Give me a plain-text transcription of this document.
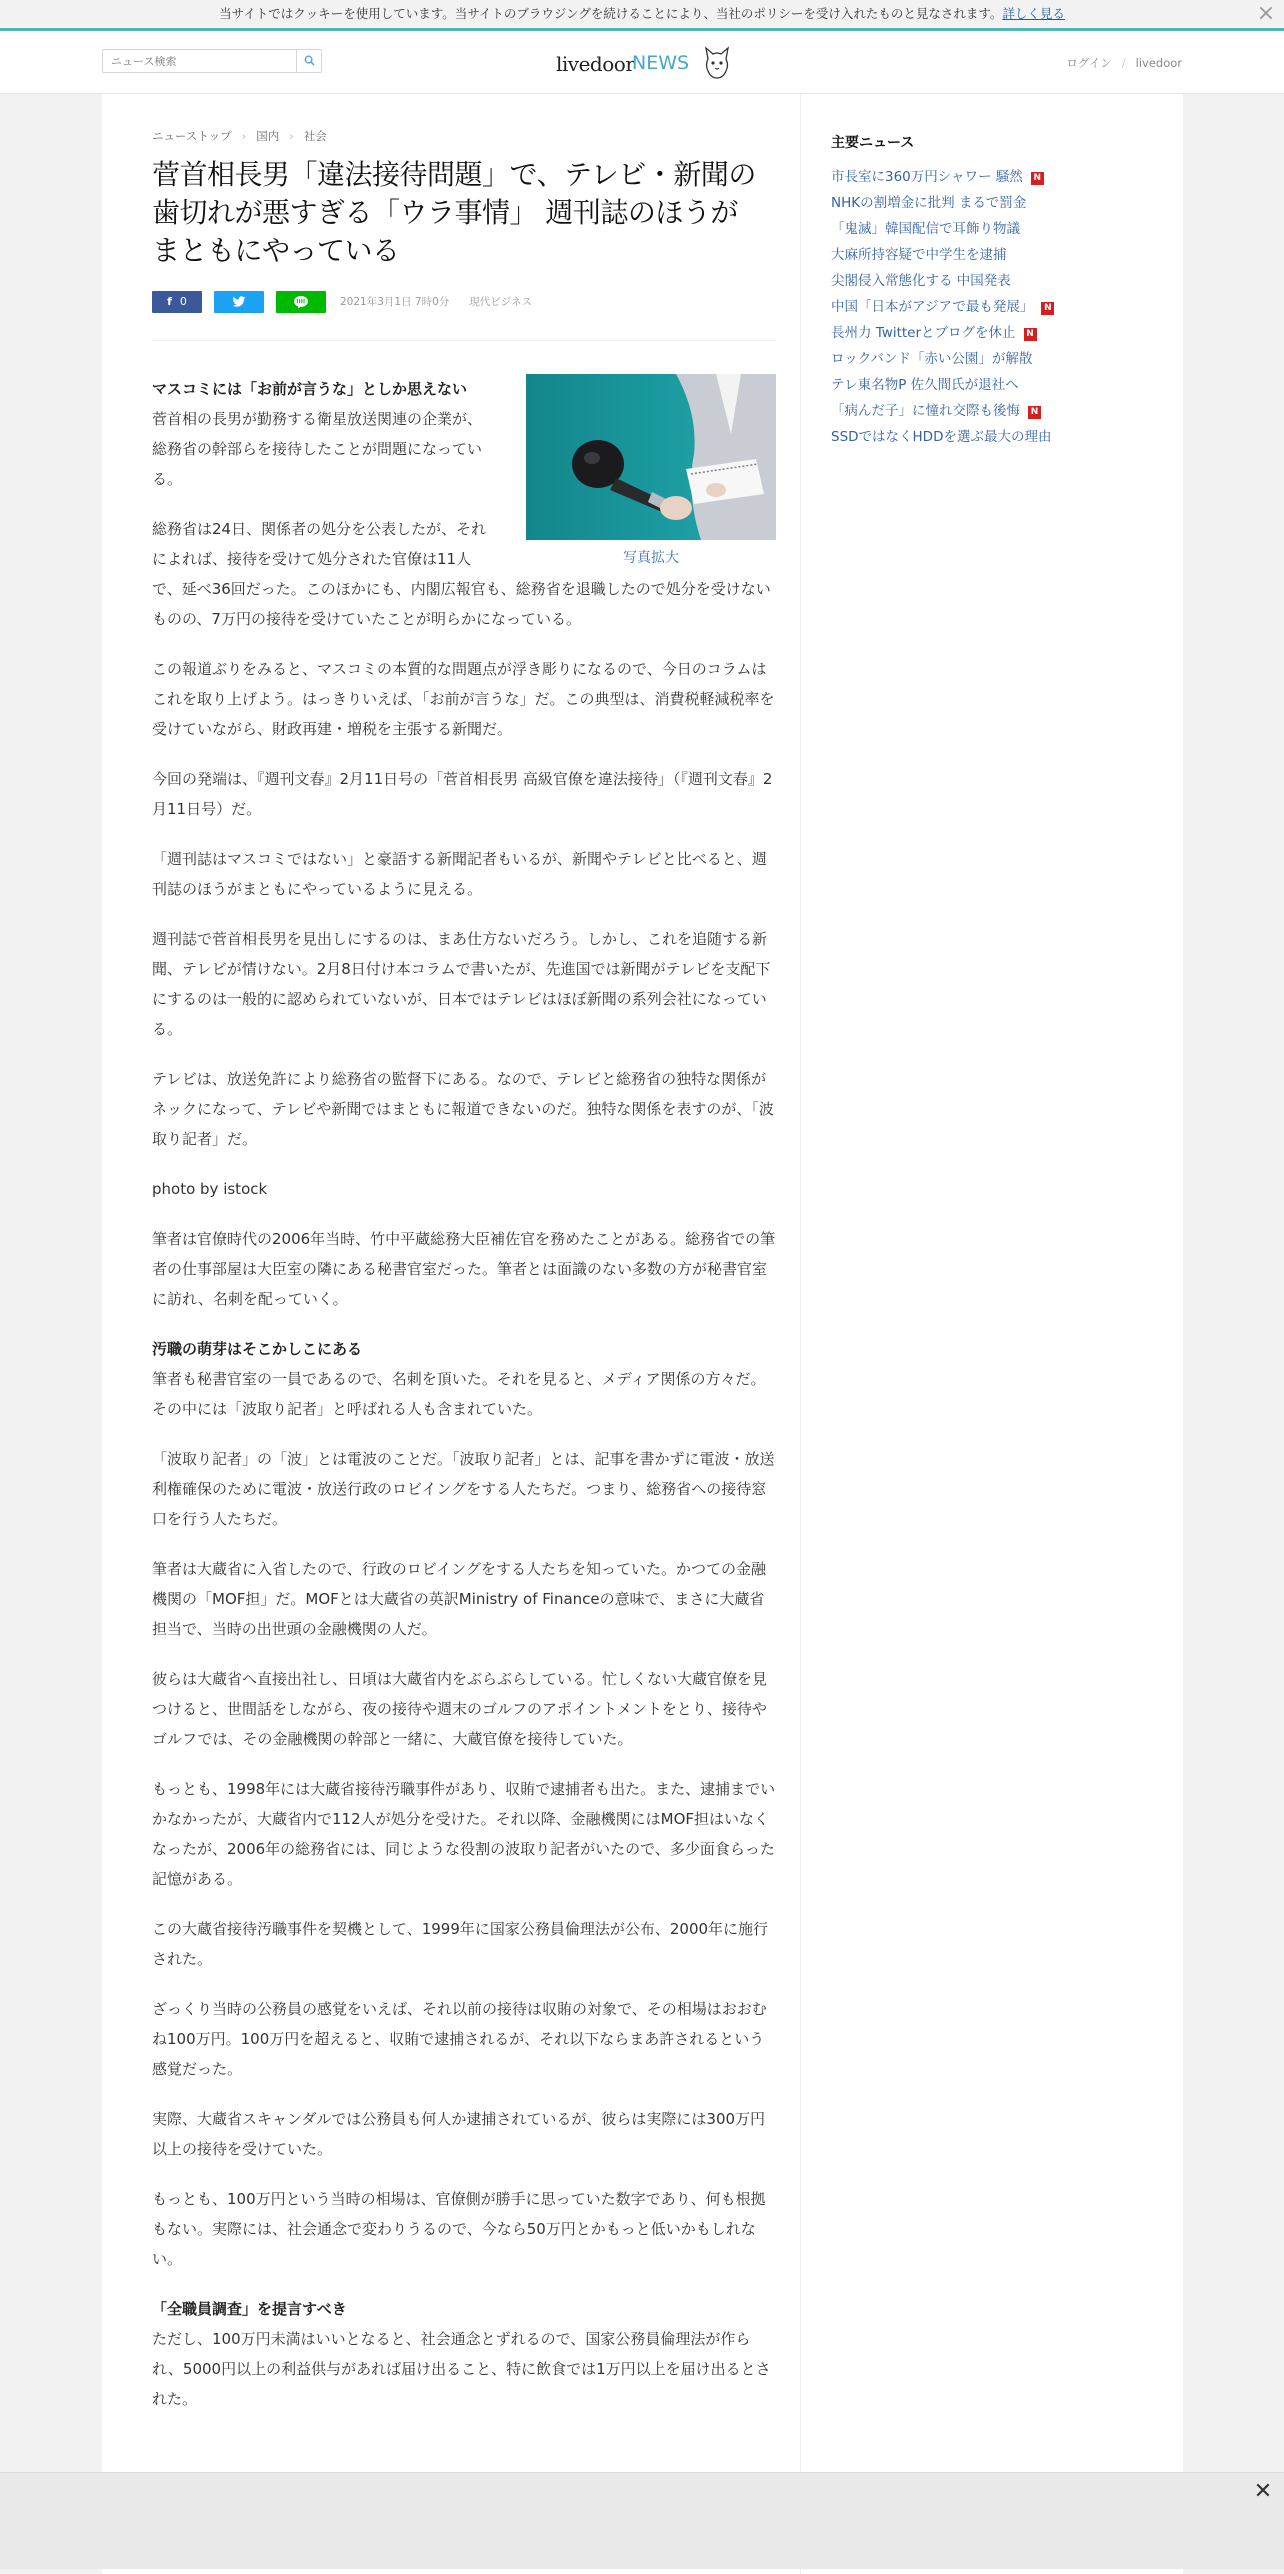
当サイトではクッキーを使用しています。当サイトのブラウジングを続けることにより、当社のポリシーを受け入れたものと見なされます。詳しく見る	×
ニュース検索
livedoor
NEWS	ログイン / livedoor
ニューストップ › 国内 › 社会
菅首相長男「違法接待問題」で、テレビ・新聞の歯切れが悪すぎる「ウラ事情」 週刊誌のほうがまともにやっている
f 0	2021年3月1日 7時0分 現代ビジネス
写真拡大

マスコミには「お前が言うな」としか思えない
菅首相の長男が勤務する衛星放送関連の企業が、総務省の幹部らを接待したことが問題になっている。

総務省は24日、関係者の処分を公表したが、それによれば、接待を受けて処分された官僚は11人で、延べ36回だった。このほかにも、内閣広報官も、総務省を退職したので処分を受けないものの、7万円の接待を受けていたことが明らかになっている。

この報道ぶりをみると、マスコミの本質的な問題点が浮き彫りになるので、今日のコラムはこれを取り上げよう。はっきりいえば、「お前が言うな」だ。この典型は、消費税軽減税率を受けていながら、財政再建・増税を主張する新聞だ。

今回の発端は、『週刊文春』2月11日号の「菅首相長男 高級官僚を違法接待」（『週刊文春』2月11日号）だ。

「週刊誌はマスコミではない」と豪語する新聞記者もいるが、新聞やテレビと比べると、週刊誌のほうがまともにやっているように見える。

週刊誌で菅首相長男を見出しにするのは、まあ仕方ないだろう。しかし、これを追随する新聞、テレビが情けない。2月8日付け本コラムで書いたが、先進国では新聞がテレビを支配下にするのは一般的に認められていないが、日本ではテレビはほぼ新聞の系列会社になっている。

テレビは、放送免許により総務省の監督下にある。なので、テレビと総務省の独特な関係がネックになって、テレビや新聞ではまともに報道できないのだ。独特な関係を表すのが、「波取り記者」だ。

photo by istock

筆者は官僚時代の2006年当時、竹中平蔵総務大臣補佐官を務めたことがある。総務省での筆者の仕事部屋は大臣室の隣にある秘書官室だった。筆者とは面識のない多数の方が秘書官室に訪れ、名刺を配っていく。

汚職の萌芽はそこかしこにある
筆者も秘書官室の一員であるので、名刺を頂いた。それを見ると、メディア関係の方々だ。その中には「波取り記者」と呼ばれる人も含まれていた。

「波取り記者」の「波」とは電波のことだ。「波取り記者」とは、記事を書かずに電波・放送利権確保のために電波・放送行政のロビイングをする人たちだ。つまり、総務省への接待窓口を行う人たちだ。

筆者は大蔵省に入省したので、行政のロビイングをする人たちを知っていた。かつての金融機関の「MOF担」だ。MOFとは大蔵省の英訳Ministry of Financeの意味で、まさに大蔵省担当で、当時の出世頭の金融機関の人だ。

彼らは大蔵省へ直接出社し、日頃は大蔵省内をぶらぶらしている。忙しくない大蔵官僚を見つけると、世間話をしながら、夜の接待や週末のゴルフのアポイントメントをとり、接待やゴルフでは、その金融機関の幹部と一緒に、大蔵官僚を接待していた。

もっとも、1998年には大蔵省接待汚職事件があり、収賄で逮捕者も出た。また、逮捕までいかなかったが、大蔵省内で112人が処分を受けた。それ以降、金融機関にはMOF担はいなくなったが、2006年の総務省には、同じような役割の波取り記者がいたので、多少面食らった記憶がある。

この大蔵省接待汚職事件を契機として、1999年に国家公務員倫理法が公布、2000年に施行された。

ざっくり当時の公務員の感覚をいえば、それ以前の接待は収賄の対象で、その相場はおおむね100万円。100万円を超えると、収賄で逮捕されるが、それ以下ならまあ許されるという感覚だった。

実際、大蔵省スキャンダルでは公務員も何人か逮捕されているが、彼らは実際には300万円以上の接待を受けていた。

もっとも、100万円という当時の相場は、官僚側が勝手に思っていた数字であり、何も根拠もない。実際には、社会通念で変わりうるので、今なら50万円とかもっと低いかもしれない。

「全職員調査」を提言すべき
ただし、100万円未満はいいとなると、社会通念とずれるので、国家公務員倫理法が作られ、5000円以上の利益供与があれば届け出ること、特に飲食では1万円以上を届け出るとされた。

主要ニュース
市長室に360万円シャワー 騒然 N
NHKの割増金に批判 まるで罰金
「鬼滅」韓国配信で耳飾り物議
大麻所持容疑で中学生を逮捕
尖閣侵入常態化する 中国発表
中国「日本がアジアで最も発展」 N
長州力 Twitterとブログを休止 N
ロックバンド「赤い公園」が解散
テレ東名物P 佐久間氏が退社へ
「病んだ子」に憧れ交際も後悔 N
SSDではなくHDDを選ぶ最大の理由
✕
